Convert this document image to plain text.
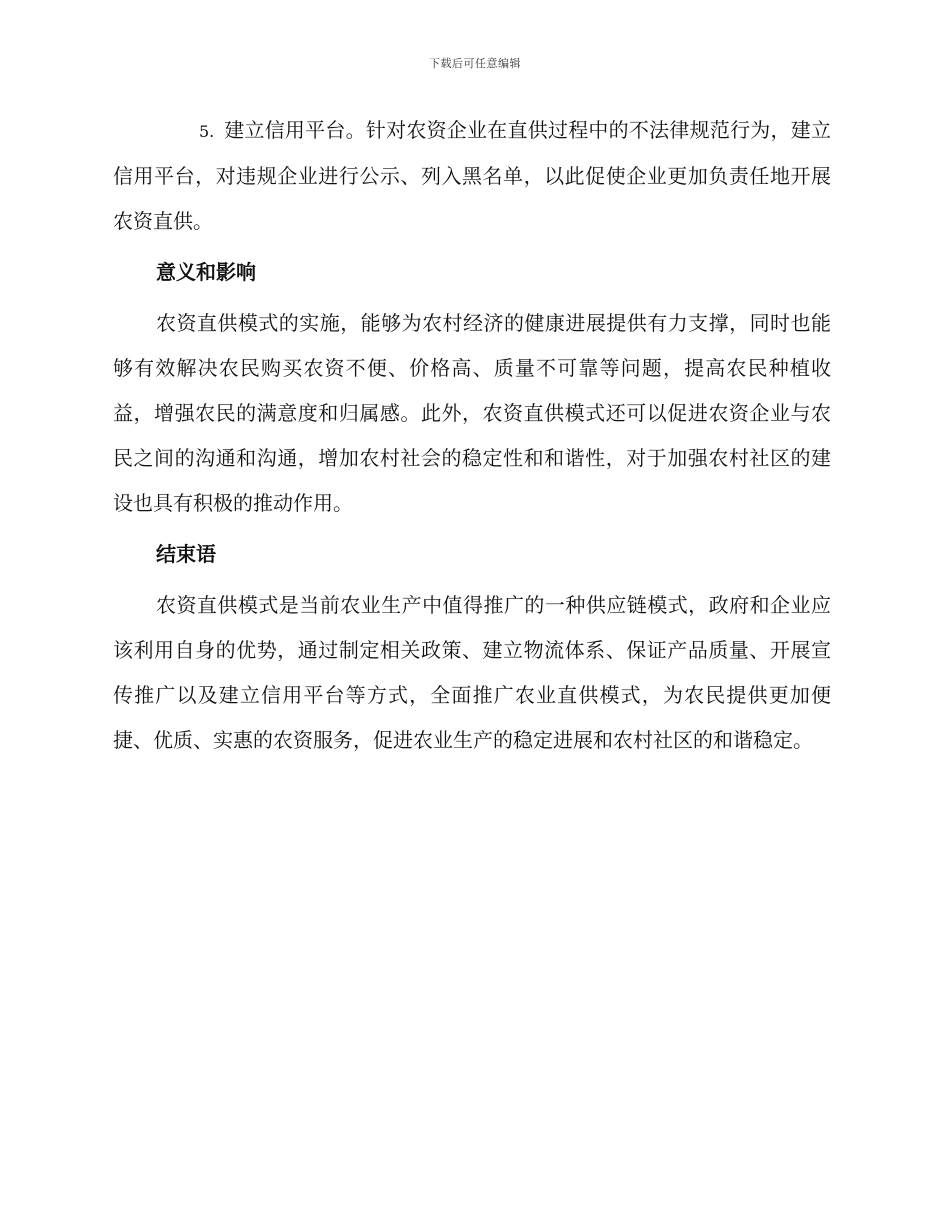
下载后可任意编辑

5. 建立信用平台。针对农资企业在直供过程中的不法律规范行为，建立信用平台，对违规企业进行公示、列入黑名单，以此促使企业更加负责任地开展农资直供。

意义和影响

农资直供模式的实施，能够为农村经济的健康进展提供有力支撑，同时也能够有效解决农民购买农资不便、价格高、质量不可靠等问题，提高农民种植收益，增强农民的满意度和归属感。此外，农资直供模式还可以促进农资企业与农民之间的沟通和沟通，增加农村社会的稳定性和和谐性，对于加强农村社区的建设也具有积极的推动作用。

结束语

农资直供模式是当前农业生产中值得推广的一种供应链模式，政府和企业应该利用自身的优势，通过制定相关政策、建立物流体系、保证产品质量、开展宣传推广以及建立信用平台等方式，全面推广农业直供模式，为农民提供更加便捷、优质、实惠的农资服务，促进农业生产的稳定进展和农村社区的和谐稳定。
